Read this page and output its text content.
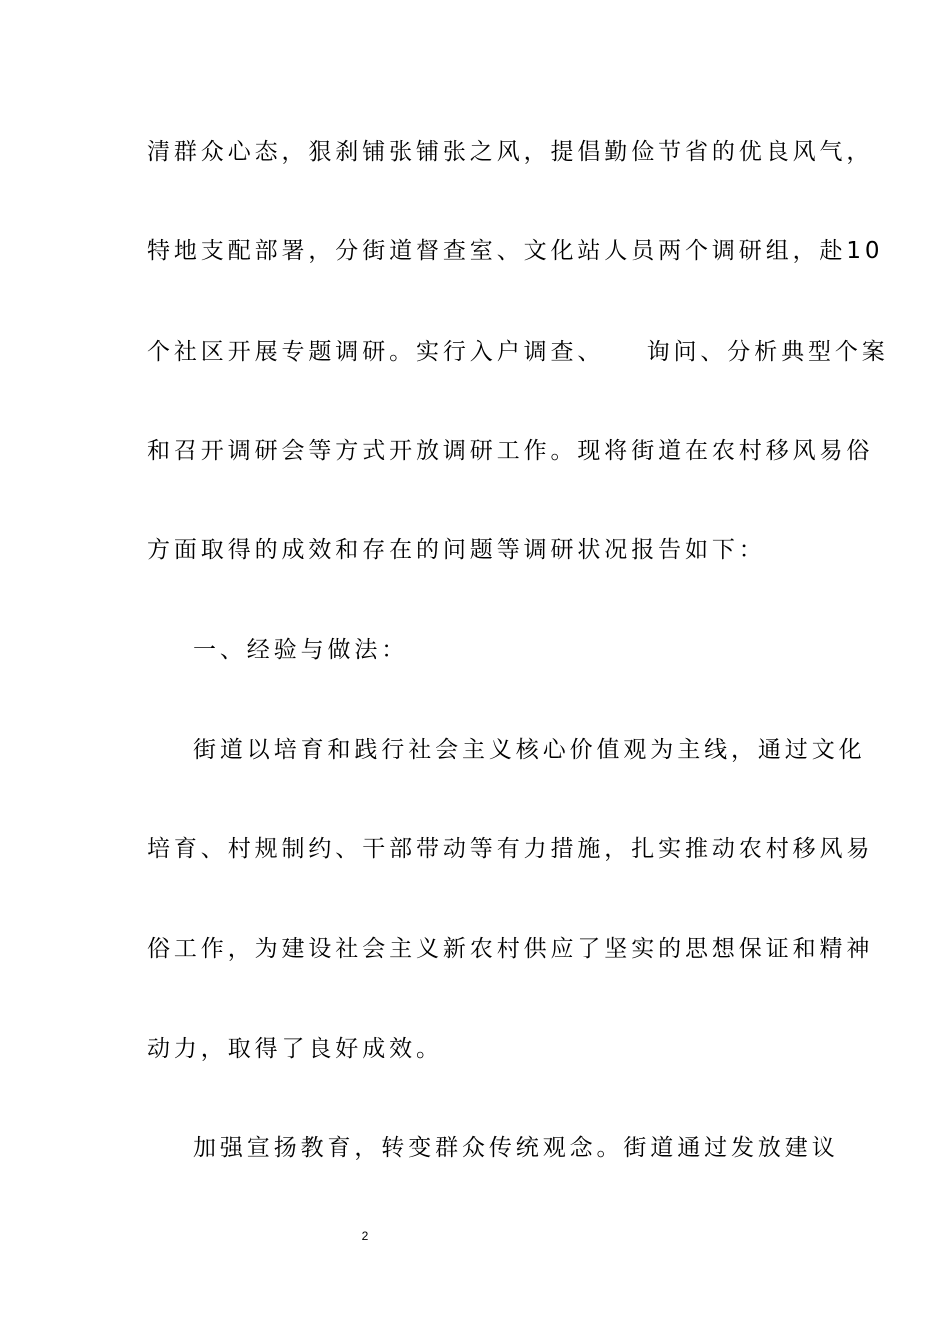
清群众心态，狠刹铺张铺张之风，提倡勤俭节省的优良风气，
特地支配部署，分街道督查室、文化站人员两个调研组，赴10
个社区开展专题调研。实行入户调查、　　询问、分析典型个案
和召开调研会等方式开放调研工作。现将街道在农村移风易俗
方面取得的成效和存在的问题等调研状况报告如下：
一、经验与做法：
街道以培育和践行社会主义核心价值观为主线，通过文化
培育、村规制约、干部带动等有力措施，扎实推动农村移风易
俗工作，为建设社会主义新农村供应了坚实的思想保证和精神
动力，取得了良好成效。
加强宣扬教育，转变群众传统观念。街道通过发放建议
2
